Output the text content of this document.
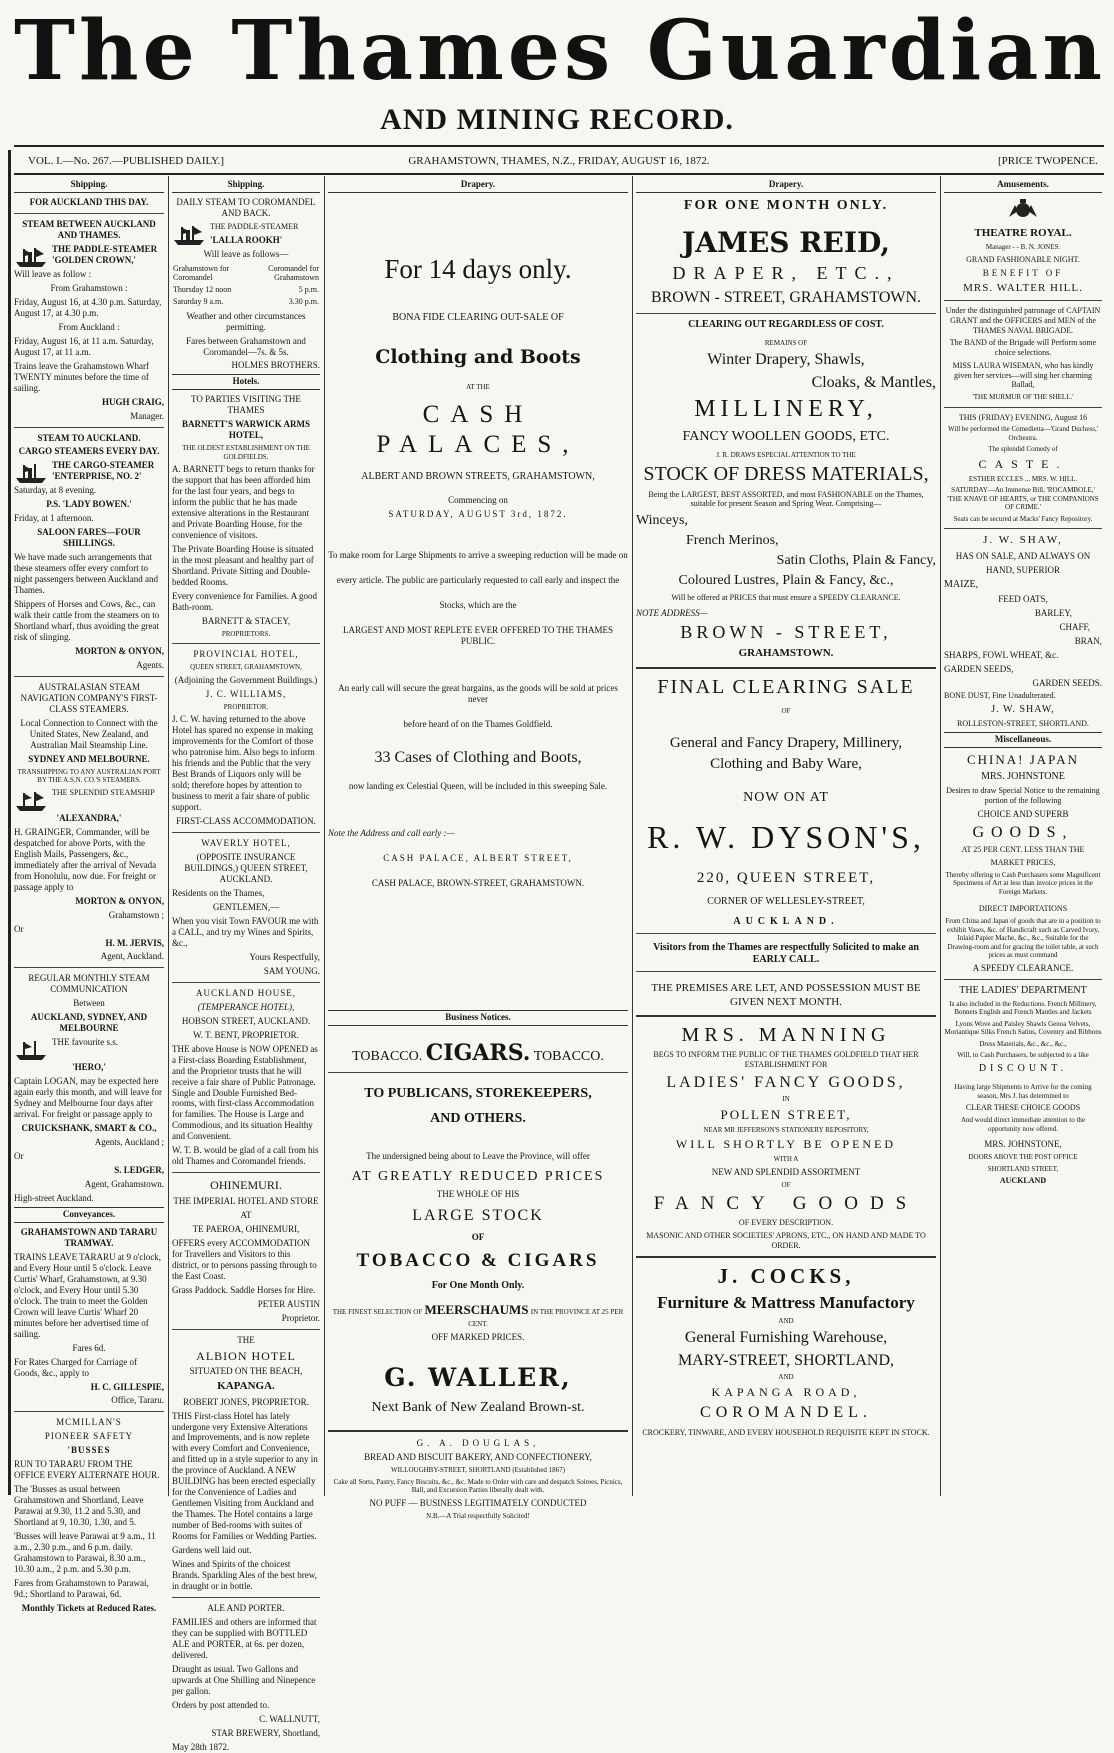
The Thames Guardian
AND MINING RECORD.
VOL. I.—No. 267.—PUBLISHED DAILY.]	GRAHAMSTOWN, THAMES, N.Z., FRIDAY, AUGUST 16, 1872.	[PRICE TWOPENCE.
Shipping.

FOR AUCKLAND THIS DAY.

STEAM BETWEEN AUCKLAND AND THAMES.

THE PADDLE-STEAMER 'GOLDEN CROWN,'

Will leave as follow :

From Grahamstown :

Friday, August 16, at 4.30 p.m. Saturday, August 17, at 4.30 p.m.

From Auckland :

Friday, August 16, at 11 a.m. Saturday, August 17, at 11 a.m.

Trains leave the Grahamstown Wharf TWENTY minutes before the time of sailing.

HUGH CRAIG,

Manager.

STEAM TO AUCKLAND.

CARGO STEAMERS EVERY DAY.

THE CARGO-STEAMER 'ENTERPRISE, NO. 2'

Saturday, at 8 evening.

P.S. 'LADY BOWEN.'

Friday, at 1 afternoon.

SALOON FARES—FOUR SHILLINGS.

We have made such arrangements that these steamers offer every comfort to night passengers between Auckland and Thames.

Shippers of Horses and Cows, &c., can walk their cattle from the steamers on to Shortland wharf, thus avoiding the great risk of slinging.

MORTON & ONYON,

Agents.

AUSTRALASIAN STEAM NAVIGATION COMPANY'S FIRST-CLASS STEAMERS.

Local Connection to Connect with the United States, New Zealand, and Australian Mail Steamship Line.

SYDNEY AND MELBOURNE.

TRANSHIPPING TO ANY AUSTRALIAN PORT BY THE A.S.N. CO.'S STEAMERS.

THE SPLENDID STEAMSHIP

'ALEXANDRA,'

H. GRAINGER, Commander, will be despatched for above Ports, with the English Mails, Passengers, &c., immediately after the arrival of Nevada from Honolulu, now due. For freight or passage apply to

MORTON & ONYON,

Grahamstown ;

Or

H. M. JERVIS,

Agent, Auckland.

REGULAR MONTHLY STEAM COMMUNICATION

Between

AUCKLAND, SYDNEY, AND MELBOURNE

THE favourite s.s.

'HERO,'

Captain LOGAN, may be expected here again early this month, and will leave for Sydney and Melbourne four days after arrival. For freight or passage apply to

CRUICKSHANK, SMART & CO.,

Agents, Auckland ;

Or

S. LEDGER,

Agent, Grahamstown.

High-street Auckland.

Conveyances.

GRAHAMSTOWN AND TARARU TRAMWAY.

TRAINS LEAVE TARARU at 9 o'clock, and Every Hour until 5 o'clock. Leave Curtis' Wharf, Grahamstown, at 9.30 o'clock, and Every Hour until 5.30 o'clock. The train to meet the Golden Crown will leave Curtis' Wharf 20 minutes before her advertised time of sailing.

Fares 6d.

For Rates Charged for Carriage of Goods, &c., apply to

H. C. GILLESPIE,

Office, Tararu.

MCMILLAN'S

PIONEER SAFETY

'BUSSES

RUN TO TARARU FROM THE OFFICE EVERY ALTERNATE HOUR.

The 'Busses as usual between Grahamstown and Shortland, Leave Parawai at 9.30, 11.2 and 5.30, and Shortland at 9, 10.30, 1.30, and 5.

'Busses will leave Parawai at 9 a.m., 11 a.m., 2.30 p.m., and 6 p.m. daily. Grahamstown to Parawai, 8.30 a.m., 10.30 a.m., 2 p.m. and 5.30 p.m.

Fares from Grahamstown to Parawai, 9d.; Shortland to Parawai, 6d.

Monthly Tickets at Reduced Rates.

Shipping.

DAILY STEAM TO COROMANDEL AND BACK.

THE PADDLE-STEAMER

'LALLA ROOKH'

Will leave as follows—

Grahamstown for Coromandel	Coromandel for Grahamstown
Thursday 12 noon	5 p.m.
Saturday 9 a.m.	3.30 p.m.

Weather and other circumstances permitting.

Fares between Grahamstown and Coromandel—7s. & 5s.

HOLMES BROTHERS.

Hotels.

TO PARTIES VISITING THE THAMES

BARNETT'S WARWICK ARMS HOTEL,

THE OLDEST ESTABLISHMENT ON THE GOLDFIELDS.

A. BARNETT begs to return thanks for the support that has been afforded him for the last four years, and begs to inform the public that he has made extensive alterations in the Restaurant and Private Boarding House, for the convenience of visitors.

The Private Boarding House is situated in the most pleasant and healthy part of Shortland. Private Sitting and Double-bedded Rooms.

Every convenience for Families. A good Bath-room.

BARNETT & STACEY,

PROPRIETORS.

PROVINCIAL HOTEL,

QUEEN STREET, GRAHAMSTOWN,

(Adjoining the Government Buildings.)

J. C. WILLIAMS,

PROPRIETOR.

J. C. W. having returned to the above Hotel has spared no expense in making improvements for the Comfort of those who patronise him. Also begs to inform his friends and the Public that the very Best Brands of Liquors only will be sold; therefore hopes by attention to business to merit a fair share of public support.

FIRST-CLASS ACCOMMODATION.

WAVERLY HOTEL,

(OPPOSITE INSURANCE BUILDINGS,) QUEEN STREET, AUCKLAND.

Residents on the Thames,

GENTLEMEN,—

When you visit Town FAVOUR me with a CALL, and try my Wines and Spirits, &c.,

Yours Respectfully,

SAM YOUNG.

AUCKLAND HOUSE,

(TEMPERANCE HOTEL),

HOBSON STREET, AUCKLAND.

W. T. BENT, PROPRIETOR.

THE above House is NOW OPENED as a First-class Boarding Establishment, and the Proprietor trusts that he will receive a fair share of Public Patronage. Single and Double Furnished Bed-rooms, with first-class Accommodation for families. The House is Large and Commodious, and its situation Healthy and Convenient.

W. T. B. would be glad of a call from his old Thames and Coromandel friends.

OHINEMURI.

THE IMPERIAL HOTEL AND STORE

AT

TE PAEROA, OHINEMURI,

OFFERS every ACCOMMODATION for Travellers and Visitors to this district, or to persons passing through to the East Coast.

Grass Paddock. Saddle Horses for Hire.

PETER AUSTIN

Proprietor.

THE

ALBION HOTEL

SITUATED ON THE BEACH,

KAPANGA.

ROBERT JONES, PROPRIETOR.

THIS First-class Hotel has lately undergone very Extensive Alterations and Improvements, and is now replete with every Comfort and Convenience, and fitted up in a style superior to any in the province of Auckland. A NEW BUILDING has been erected especially for the Convenience of Ladies and Gentlemen Visiting from Auckland and the Thames. The Hotel contains a large number of Bed-rooms with suites of Rooms for Families or Wedding Parties.

Gardens well laid out.

Wines and Spirits of the choicest Brands. Sparkling Ales of the best brew, in draught or in bottle.

ALE AND PORTER.

FAMILIES and others are informed that they can be supplied with BOTTLED ALE and PORTER, at 6s. per dozen, delivered.

Draught as usual. Two Gallons and upwards at One Shilling and Ninepence per gallon.

Orders by post attended to.

C. WALLNUTT,

STAR BREWERY, Shortland,

May 28th 1872.

Drapery.

For 14 days only.

BONA FIDE CLEARING OUT-SALE OF

Clothing and Boots

AT THE

CASH PALACES,

ALBERT AND BROWN STREETS, GRAHAMSTOWN,

Commencing on

SATURDAY, AUGUST 3rd, 1872.

To make room for Large Shipments to arrive a sweeping reduction will be made on

every article. The public are particularly requested to call early and inspect the

Stocks, which are the

LARGEST AND MOST REPLETE EVER OFFERED TO THE THAMES PUBLIC.

An early call will secure the great bargains, as the goods will be sold at prices never

before heard of on the Thames Goldfield.

33 Cases of Clothing and Boots,

now landing ex Celestial Queen, will be included in this sweeping Sale.

Note the Address and call early :—

CASH PALACE, ALBERT STREET,

CASH PALACE, BROWN-STREET, GRAHAMSTOWN.

Business Notices.

TOBACCO. CIGARS. TOBACCO.

TO PUBLICANS, STOREKEEPERS,

AND OTHERS.

The undersigned being about to Leave the Province, will offer

AT GREATLY REDUCED PRICES

THE WHOLE OF HIS

LARGE STOCK

OF

TOBACCO & CIGARS

For One Month Only.

THE FINEST SELECTION OF MEERSCHAUMS IN THE PROVINCE AT 25 PER CENT.

OFF MARKED PRICES.

G. WALLER,

Next Bank of New Zealand Brown-st.

G. A. DOUGLAS,

BREAD AND BISCUIT BAKERY, AND CONFECTIONERY,

WILLOUGHBY-STREET, SHORTLAND (Established 1867)

Cake all Sorts, Pastry, Fancy Biscuits, &c., &c. Made to Order with care and despatch Soirees, Picnics, Ball, and Excursion Parties liberally dealt with.

NO PUFF — BUSINESS LEGITIMATELY CONDUCTED

N.B.—A Trial respectfully Solicited!

Drapery.

FOR ONE MONTH ONLY.

JAMES REID,

DRAPER, ETC.,

BROWN - STREET, GRAHAMSTOWN.

CLEARING OUT REGARDLESS OF COST.

REMAINS OF

Winter Drapery, Shawls,

Cloaks, & Mantles,

MILLINERY,

FANCY WOOLLEN GOODS, ETC.

J. R. DRAWS ESPECIAL ATTENTION TO THE

STOCK OF DRESS MATERIALS,

Being the LARGEST, BEST ASSORTED, and most FASHIONABLE on the Thames, suitable for present Season and Spring Wear. Comprising—

Winceys,

French Merinos,

Satin Cloths, Plain & Fancy,

Coloured Lustres, Plain & Fancy, &c.,

Will be offered at PRICES that must ensure a SPEEDY CLEARANCE.

NOTE ADDRESS—

BROWN - STREET,

GRAHAMSTOWN.

FINAL CLEARING SALE

OF

General and Fancy Drapery, Millinery,

Clothing and Baby Ware,

NOW ON AT

R. W. DYSON'S,

220, QUEEN STREET,

CORNER OF WELLESLEY-STREET,

AUCKLAND.

Visitors from the Thames are respectfully Solicited to make an EARLY CALL.

THE PREMISES ARE LET, AND POSSESSION MUST BE GIVEN NEXT MONTH.

MRS. MANNING

BEGS TO INFORM THE PUBLIC OF THE THAMES GOLDFIELD THAT HER ESTABLISHMENT FOR

LADIES' FANCY GOODS,

IN

POLLEN STREET,

NEAR MR JEFFERSON'S STATIONERY REPOSITORY,

WILL SHORTLY BE OPENED

WITH A

NEW AND SPLENDID ASSORTMENT

OF

FANCY GOODS

OF EVERY DESCRIPTION.

MASONIC AND OTHER SOCIETIES' APRONS, ETC., ON HAND AND MADE TO ORDER.

J. COCKS,

Furniture & Mattress Manufactory

AND

General Furnishing Warehouse,

MARY-STREET, SHORTLAND,

AND

KAPANGA ROAD,

COROMANDEL.

CROCKERY, TINWARE, AND EVERY HOUSEHOLD REQUISITE KEPT IN STOCK.

Amusements.

THEATRE ROYAL.

Manager - - B. N. JONES.

GRAND FASHIONABLE NIGHT.

BENEFIT OF

MRS. WALTER HILL.

Under the distinguished patronage of CAPTAIN GRANT and the OFFICERS and MEN of the THAMES NAVAL BRIGADE.

The BAND of the Brigade will Perform some choice selections.

MISS LAURA WISEMAN, who has kindly given her services—will sing her charming Ballad,

'THE MURMUR OF THE SHELL.'

THIS (FRIDAY) EVENING, August 16

Will be performed the Comedietta—'Grand Duchess,' Orchestra.

The splendid Comedy of

CASTE.

ESTHER ECCLES ... MRS. W. HILL.

SATURDAY—An Immense Bill, 'ROCAMBOLE,' 'THE KNAVE OF HEARTS, or THE COMPANIONS OF CRIME.'

Seats can be secured at Macks' Fancy Repository.

J. W. SHAW,

HAS ON SALE, AND ALWAYS ON

HAND, SUPERIOR

MAIZE,

FEED OATS,

BARLEY,

CHAFF,

BRAN,

SHARPS, FOWL WHEAT, &c.

GARDEN SEEDS,

GARDEN SEEDS.

BONE DUST, Fine Unadulterated.

J. W. SHAW,

ROLLESTON-STREET, SHORTLAND.

Miscellaneous.

CHINA! JAPAN

MRS. JOHNSTONE

Desires to draw Special Notice to the remaining portion of the following

CHOICE AND SUPERB

GOODS,

AT 25 PER CENT. LESS THAN THE

MARKET PRICES,

Thereby offering to Cash Purchasers some Magnificent Specimens of Art at less than invoice prices in the Foreign Markets.

DIRECT IMPORTATIONS

From China and Japan of goods that are in a position to exhibit Vases, &c. of Handicraft such as Carved Ivory, Inlaid Papier Mache, &c., &c., Suitable for the Drawing-room and for gracing the toilet table, at such prices as must command

A SPEEDY CLEARANCE.

THE LADIES' DEPARTMENT

Is also included in the Reductions. French Millinery, Bonnets English and French Mantles and Jackets

Lyons Wove and Paisley Shawls Genoa Velvets, Moriantique Silks French Satins, Coventry and Ribbons

Dress Materials, &c., &c., &c.,

Will, to Cash Purchasers, be subjected to a like

DISCOUNT.

Having large Shipments to Arrive for the coming season, Mrs J. has determined to

CLEAR THESE CHOICE GOODS

And would direct immediate attention to the opportunity now offered.

MRS. JOHNSTONE,

DOORS ABOVE THE POST OFFICE

SHORTLAND STREET,

AUCKLAND
